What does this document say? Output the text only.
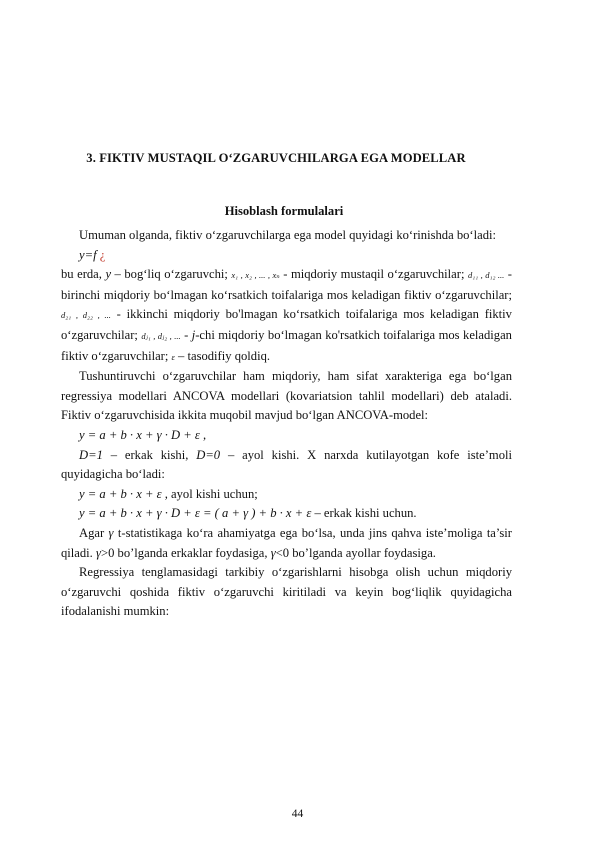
3. FIKTIV MUSTAQIL O‘ZGARUVCHILARGA EGA MODELLAR
Hisoblash formulalari

Umuman olganda, fiktiv o‘zgaruvchilarga ega model quyidagi ko‘rinishda bo‘ladi:

y=f ¿

bu erda, y – bog‘liq o‘zgaruvchi; x₁ , x₂ , ... , xₙ - miqdoriy mustaqil o‘zgaruvchilar; d₁₁ , d₁₂ ... - birinchi miqdoriy bo‘lmagan ko‘rsatkich toifalariga mos keladigan fiktiv o‘zgaruvchilar; d₂₁ , d₂₂ , ... - ikkinchi miqdoriy bo'lmagan ko‘rsatkich toifalariga mos keladigan fiktiv o‘zgaruvchilar; dⱼ₁ , dⱼ₂ , ... - j-chi miqdoriy bo‘lmagan ko'rsatkich toifalariga mos keladigan fiktiv o‘zgaruvchilar; ε – tasodifiy qoldiq.

Tushuntiruvchi o‘zgaruvchilar ham miqdoriy, ham sifat xarakteriga ega bo‘lgan regressiya modellari ANCOVA modellari (kovariatsion tahlil modellari) deb ataladi. Fiktiv o‘zgaruvchisida ikkita muqobil mavjud bo‘lgan ANCOVA-model:

y = a + b · x + γ · D + ε ,

D=1 – erkak kishi, D=0 – ayol kishi. X narxda kutilayotgan kofe iste’moli quyidagicha bo‘ladi:

y = a + b · x + ε , ayol kishi uchun;
y = a + b · x + γ · D + ε = ( a + γ ) + b · x + ε – erkak kishi uchun.

Agar γ t-statistikaga ko‘ra ahamiyatga ega bo‘lsa, unda jins qahva iste’moliga ta’sir qiladi. γ>0 bo’lganda erkaklar foydasiga, γ<0 bo’lganda ayollar foydasiga.

Regressiya tenglamasidagi tarkibiy o‘zgarishlarni hisobga olish uchun miqdoriy o‘zgaruvchi qoshida fiktiv o‘zgaruvchi kiritiladi va keyin bog‘liqlik quyidagicha ifodalanishi mumkin:

44
